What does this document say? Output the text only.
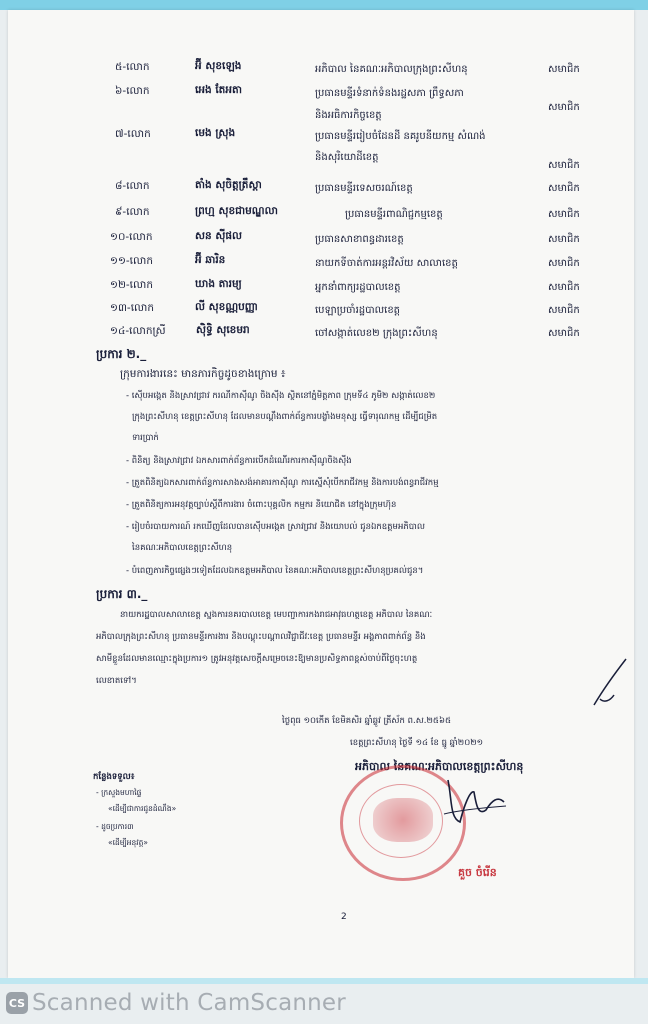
៥-លោក	អ៊ី សុខឡេង	អភិបាល នៃគណៈអភិបាលក្រុងព្រះសីហនុ	សមាជិក
៦-លោក	អេង តែអតា	ប្រធានមន្ទីរទំនាក់ទំនងរដ្ឋសភា ព្រឹទ្ធសភា
និងអធិការកិច្ចខេត្ត
សមាជិក
៧-លោក	មេង ស្រុង	ប្រធានមន្ទីររៀបចំដែនដី នគរូបនីយកម្ម សំណង់
និងសុរិយោដីខេត្ត
សមាជិក
៨-លោក	តាំង សុចិត្តត្រឹស្តា	ប្រធានមន្ទីរទេសចរណ៍ខេត្ត	សមាជិក
៩-លោក	ព្រហ្ម សុខជាមណ្ឌលា	ប្រធានមន្ទីរពាណិជ្ជកម្មខេត្ត	សមាជិក
១០-លោក	សន ស៊ីផល	ប្រធានសាខាពន្ធដារខេត្ត	សមាជិក
១១-លោក	អ៊ី ឆារិន	នាយកទីចាត់ការអន្តរវិស័យ សាលាខេត្ត	សមាជិក
១២-លោក	ឃាង តារម្យ	អ្នកនាំពាក្យរដ្ឋបាលខេត្ត	សមាជិក
១៣-លោក	លី សុខណ្ណបញ្ញា	បេឡាប្រចាំរដ្ឋបាលខេត្ត	សមាជិក
១៤-លោកស្រី	ស៊ិទ្ធិ សុខេមរា	ចៅសង្កាត់លេខ២ ក្រុងព្រះសីហនុ	សមាជិក
ប្រការ ២._
ក្រុមការងារនេះ មានភារកិច្ចដូចខាងក្រោម ៖
- ស៊ើបអង្កេត និងស្រាវជ្រាវ ករណីកាស៊ីណូ ចិងស៊ីង ស្ថិតនៅភ្នំមិត្តភាព ក្រុមទី៤ ភូមិ២ សង្កាត់លេខ២
ក្រុងព្រះសីហនុ ខេត្តព្រះសីហនុ ដែលមានបណ្តឹងពាក់ព័ន្ធការបង្ខាំងមនុស្ស ធ្វើទារុណកម្ម ដើម្បីជម្រិត
ទារប្រាក់
- ពិនិត្យ និងស្រាវជ្រាវ ឯកសារពាក់ព័ន្ធការបើកដំណើរការកាស៊ីណូចិងស៊ីង
- ត្រួតពិនិត្យឯកសារពាក់ព័ន្ធការសាងសង់អាគារកាស៊ីណូ ការស្នើសុំបើករាជីវកម្ម និងការបង់ពន្ធរាជីវកម្ម
- ត្រួតពិនិត្យការអនុវត្តច្បាប់ស្តីពីការងារ ចំពោះបុគ្គលិក កម្មករ និយោជិត នៅក្នុងក្រុមហ៊ុន
- រៀបចំរបាយការណ៍ រកឃើញដែលបានស៊ើបអង្កេត ស្រាវជ្រាវ និងយោបល់ ជូនឯកឧត្តមអភិបាល
នៃគណៈអភិបាលខេត្តព្រះសីហនុ
- បំពេញភារកិច្ចផ្សេងៗទៀតដែលឯកឧត្តមអភិបាល នៃគណៈអភិបាលខេត្តព្រះសីហនុប្រគល់ជូន។
ប្រការ ៣._
នាយករដ្ឋបាលសាលាខេត្ត ស្នងការនគរបាលខេត្ត មេបញ្ជាការកងរាជអាវុធហត្ថខេត្ត អភិបាល នៃគណៈ
អភិបាលក្រុងព្រះសីហនុ ប្រធានមន្ទីរការងារ និងបណ្តុះបណ្តាលវិជ្ជាជីវៈខេត្ត ប្រធានមន្ទីរ អង្គភាពពាក់ព័ន្ធ និង
សាមីខ្លួនដែលមានឈ្មោះក្នុងប្រការ១ ត្រូវអនុវត្តសេចក្តីសម្រេចនេះឱ្យមានប្រសិទ្ធភាពខ្ពស់ចាប់ពីថ្ងៃចុះហត្ថ
លេខាតទៅ។
ថ្ងៃពុធ ១០កើត ខែមិគសិរ ឆ្នាំឆ្លូវ ត្រីស័ក ព.ស.២៥៦៥
ខេត្តព្រះសីហនុ ថ្ងៃទី ១៤ ខែ ធ្នូ ឆ្នាំ២០២១
អភិបាល នៃគណៈអភិបាលខេត្តព្រះសីហនុ
គួច ចំរើន
កន្លែងទទួល៖
- ក្រសួងមហាផ្ទៃ
«ដើម្បីជាការជូនដំណឹង»
- ដូចប្រការ៣
«ដើម្បីអនុវត្ត»
2
CS Scanned with CamScanner
